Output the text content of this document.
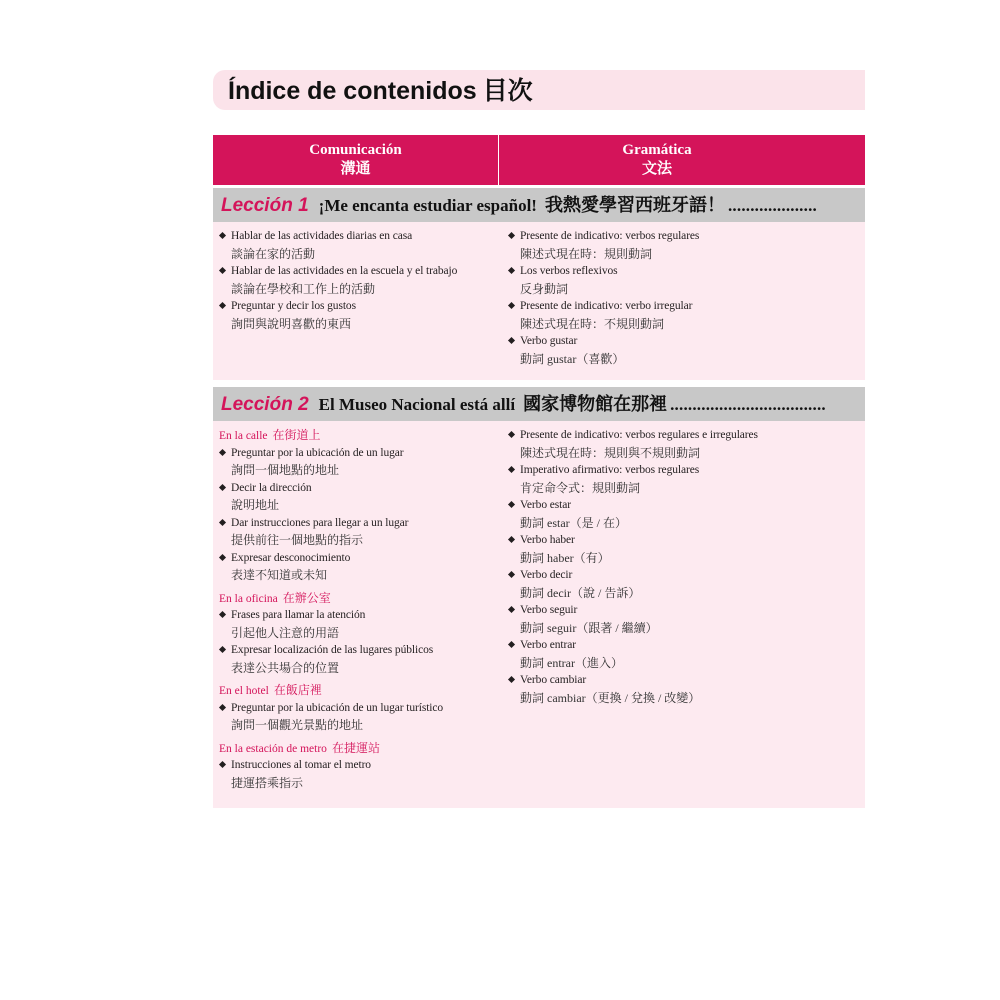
Índice de contenidos 目次
Comunicación
溝通
Gramática
文法
Lección 1 ¡Me encanta estudiar español! 我熱愛學習西班牙語！ ....................
Hablar de las actividades diarias en casa
談論在家的活動
Hablar de las actividades en la escuela y el trabajo
談論在學校和工作上的活動
Preguntar y decir los gustos
詢問與說明喜歡的東西
Presente de indicativo: verbos regulares
陳述式現在時：規則動詞
Los verbos reflexivos
反身動詞
Presente de indicativo: verbo irregular
陳述式現在時：不規則動詞
Verbo gustar
動詞 gustar（喜歡）
Lección 2 El Museo Nacional está allí 國家博物館在那裡 ...................................
En la calle 在街道上
Preguntar por la ubicación de un lugar
詢問一個地點的地址
Decir la dirección
說明地址
Dar instrucciones para llegar a un lugar
提供前往一個地點的指示
Expresar desconocimiento
表達不知道或未知
En la oficina 在辦公室
Frases para llamar la atención
引起他人注意的用語
Expresar localización de las lugares públicos
表達公共場合的位置
En el hotel 在飯店裡
Preguntar por la ubicación de un lugar turístico
詢問一個觀光景點的地址
En la estación de metro 在捷運站
Instrucciones al tomar el metro
捷運搭乘指示
Presente de indicativo: verbos regulares e irregulares
陳述式現在時：規則與不規則動詞
Imperativo afirmativo: verbos regulares
肯定命令式：規則動詞
Verbo estar
動詞 estar（是 / 在）
Verbo haber
動詞 haber（有）
Verbo decir
動詞 decir（說 / 告訴）
Verbo seguir
動詞 seguir（跟著 / 繼續）
Verbo entrar
動詞 entrar（進入）
Verbo cambiar
動詞 cambiar（更換 / 兌換 / 改變）
